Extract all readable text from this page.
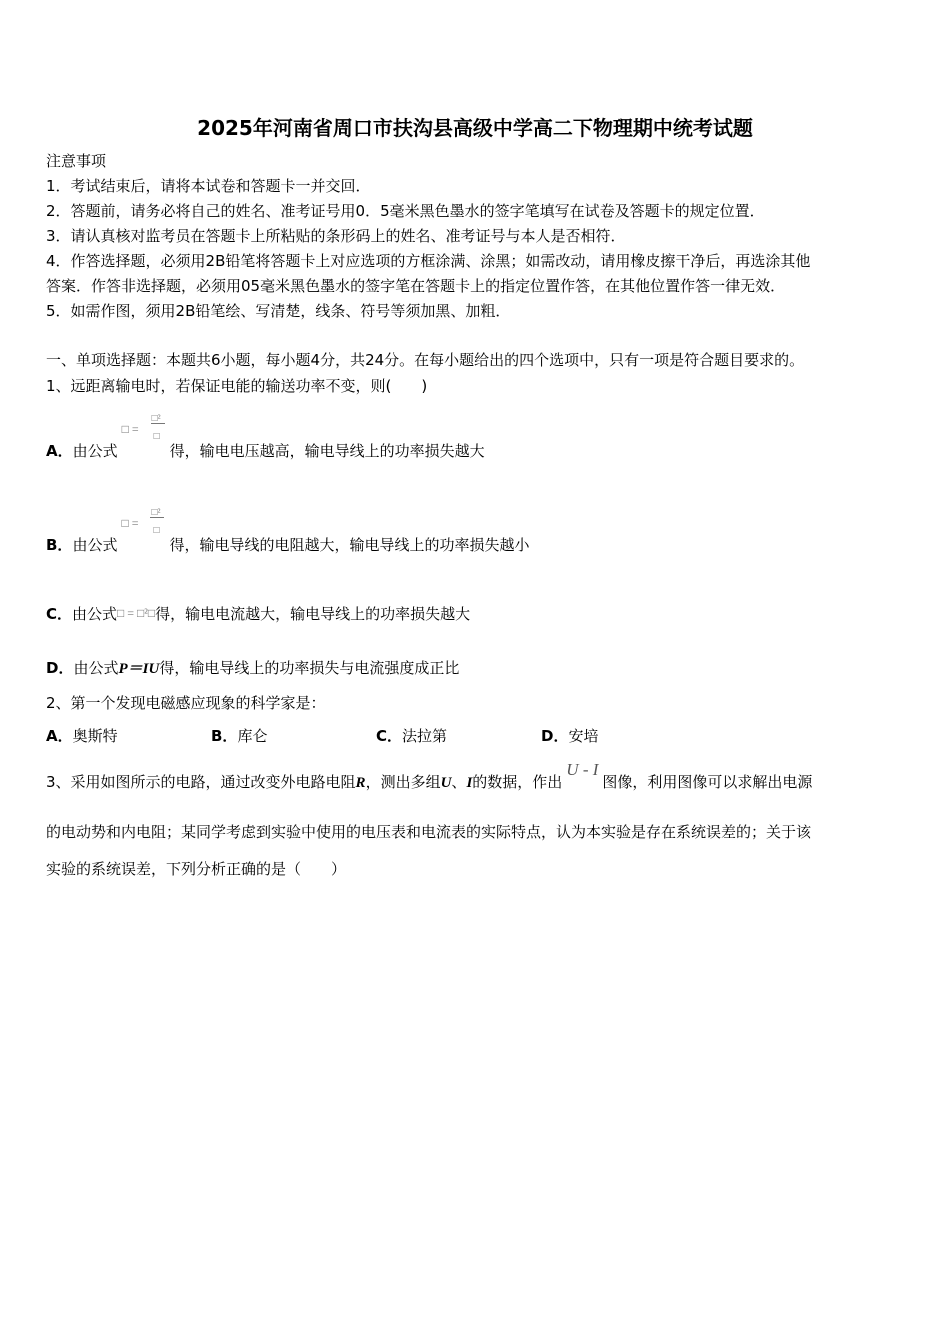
2025年河南省周口市扶沟县高级中学高二下物理期中统考试题
注意事项
1．考试结束后，请将本试卷和答题卡一并交回．
2．答题前，请务必将自己的姓名、准考证号用0．5毫米黑色墨水的签字笔填写在试卷及答题卡的规定位置．
3．请认真核对监考员在答题卡上所粘贴的条形码上的姓名、准考证号与本人是否相符．
4．作答选择题，必须用2B铅笔将答题卡上对应选项的方框涂满、涂黑；如需改动，请用橡皮擦干净后，再选涂其他
答案．作答非选择题，必须用05毫米黑色墨水的签字笔在答题卡上的指定位置作答，在其他位置作答一律无效．
5．如需作图，须用2B铅笔绘、写清楚，线条、符号等须加黑、加粗．
一、单项选择题：本题共6小题，每小题4分，共24分。在每小题给出的四个选项中，只有一项是符合题目要求的。
1、远距离输电时，若保证电能的输送功率不变，则(　　)
A．由公式
□ =
□²
□
得，输电电压越高，输电导线上的功率损失越大
B．由公式
□ =
□²
□
得，输电导线的电阻越大，输电导线上的功率损失越小
C．由公式□ = □²□得，输电电流越大，输电导线上的功率损失越大
D．由公式P＝IU得，输电导线上的功率损失与电流强度成正比
2、第一个发现电磁感应现象的科学家是：
A．奥斯特	B．库仑	C．法拉第	D．安培
3、采用如图所示的电路，通过改变外电路电阻R，测出多组U、I的数据，作出U - I图像，利用图像可以求解出电源
的电动势和内电阻；某同学考虑到实验中使用的电压表和电流表的实际特点，认为本实验是存在系统误差的；关于该
实验的系统误差，下列分析正确的是（　　）
